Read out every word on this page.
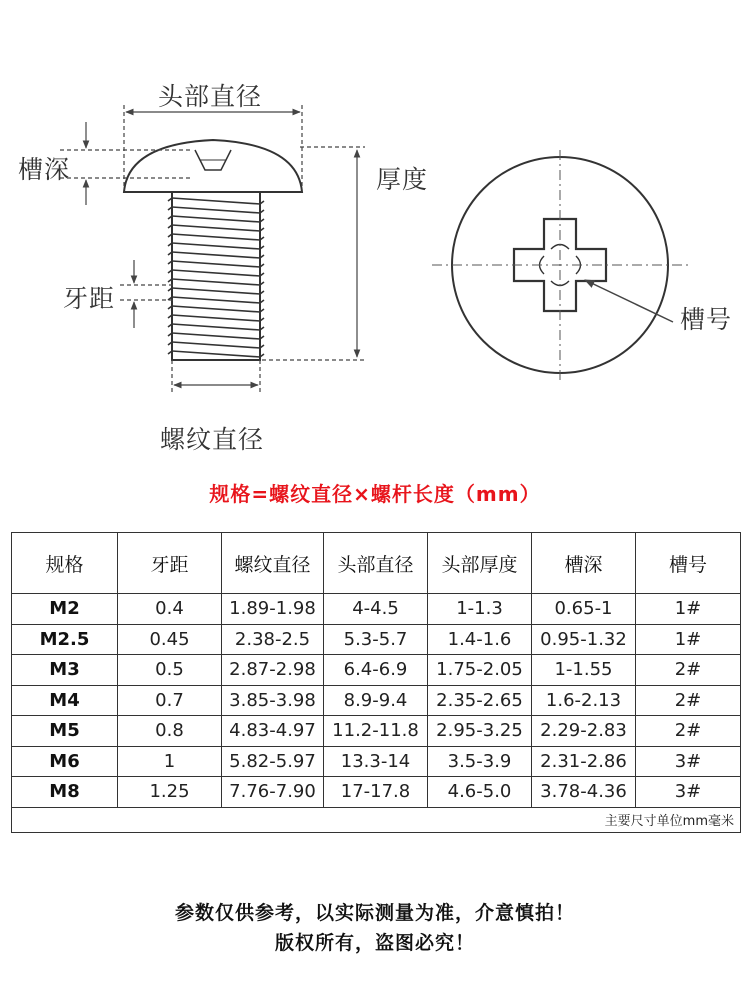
头部直径
槽深	厚度
牙距
螺纹直径
槽号
规格=螺纹直径×螺杆长度（mm）
规格	牙距	螺纹直径	头部直径	头部厚度	槽深	槽号
M2	0.4	1.89-1.98	4-4.5	1-1.3	0.65-1	1#
M2.5	0.45	2.38-2.5	5.3-5.7	1.4-1.6	0.95-1.32	1#
M3	0.5	2.87-2.98	6.4-6.9	1.75-2.05	1-1.55	2#
M4	0.7	3.85-3.98	8.9-9.4	2.35-2.65	1.6-2.13	2#
M5	0.8	4.83-4.97	11.2-11.8	2.95-3.25	2.29-2.83	2#
M6	1	5.82-5.97	13.3-14	3.5-3.9	2.31-2.86	3#
M8	1.25	7.76-7.90	17-17.8	4.6-5.0	3.78-4.36	3#
主要尺寸单位mm毫米						
参数仅供参考，以实际测量为准，介意慎拍！
版权所有，盗图必究！
